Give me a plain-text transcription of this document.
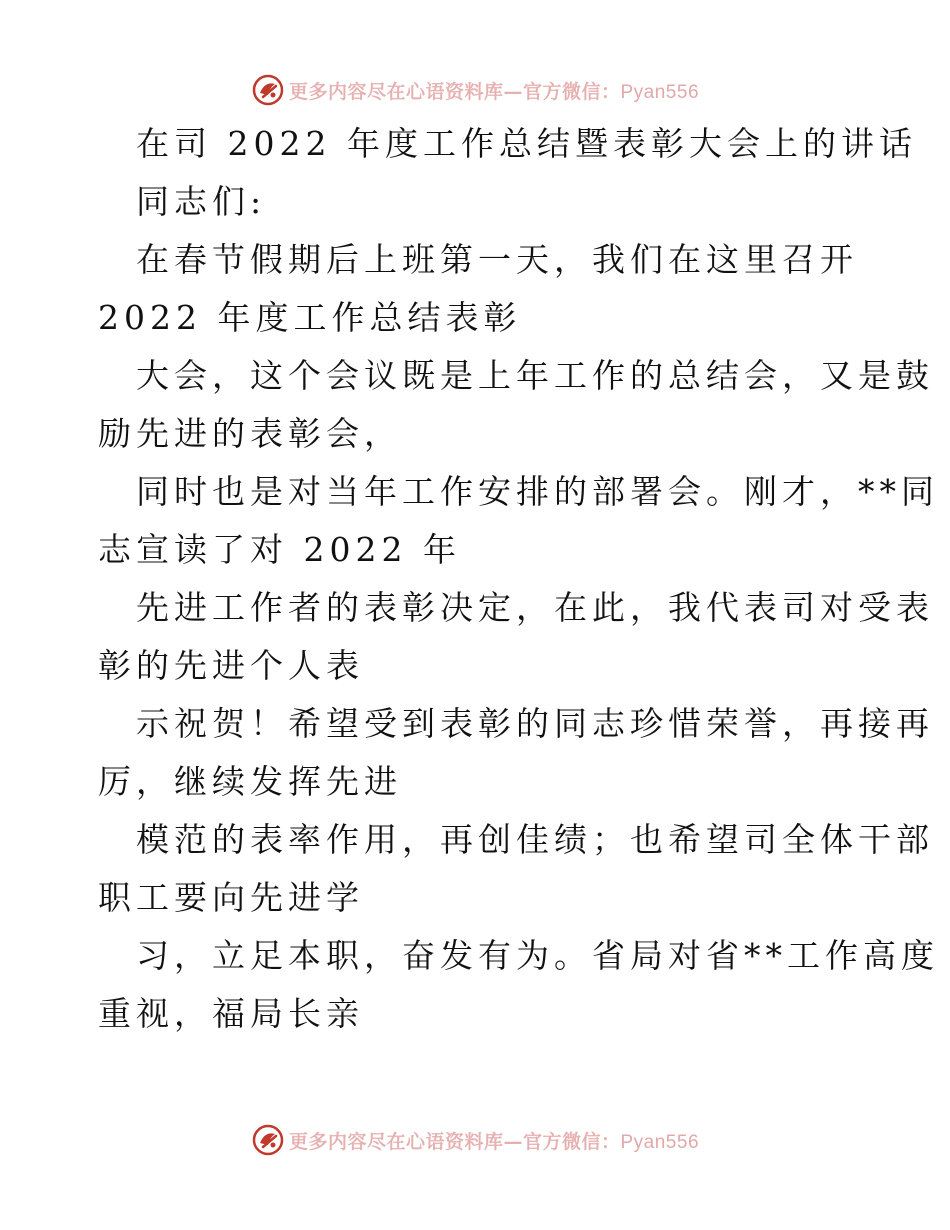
更多内容尽在心语资料库—官方微信：Pyan556
在司 2022 年度工作总结暨表彰大会上的讲话
同志们:
在春节假期后上班第一天，我们在这里召开
2022 年度工作总结表彰
大会，这个会议既是上年工作的总结会，又是鼓
励先进的表彰会，
同时也是对当年工作安排的部署会。刚才，**同
志宣读了对 2022 年
先进工作者的表彰决定，在此，我代表司对受表
彰的先进个人表
示祝贺！希望受到表彰的同志珍惜荣誉，再接再
厉，继续发挥先进
模范的表率作用，再创佳绩；也希望司全体干部
职工要向先进学
习，立足本职，奋发有为。省局对省**工作高度
重视，福局长亲
更多内容尽在心语资料库—官方微信：Pyan556
